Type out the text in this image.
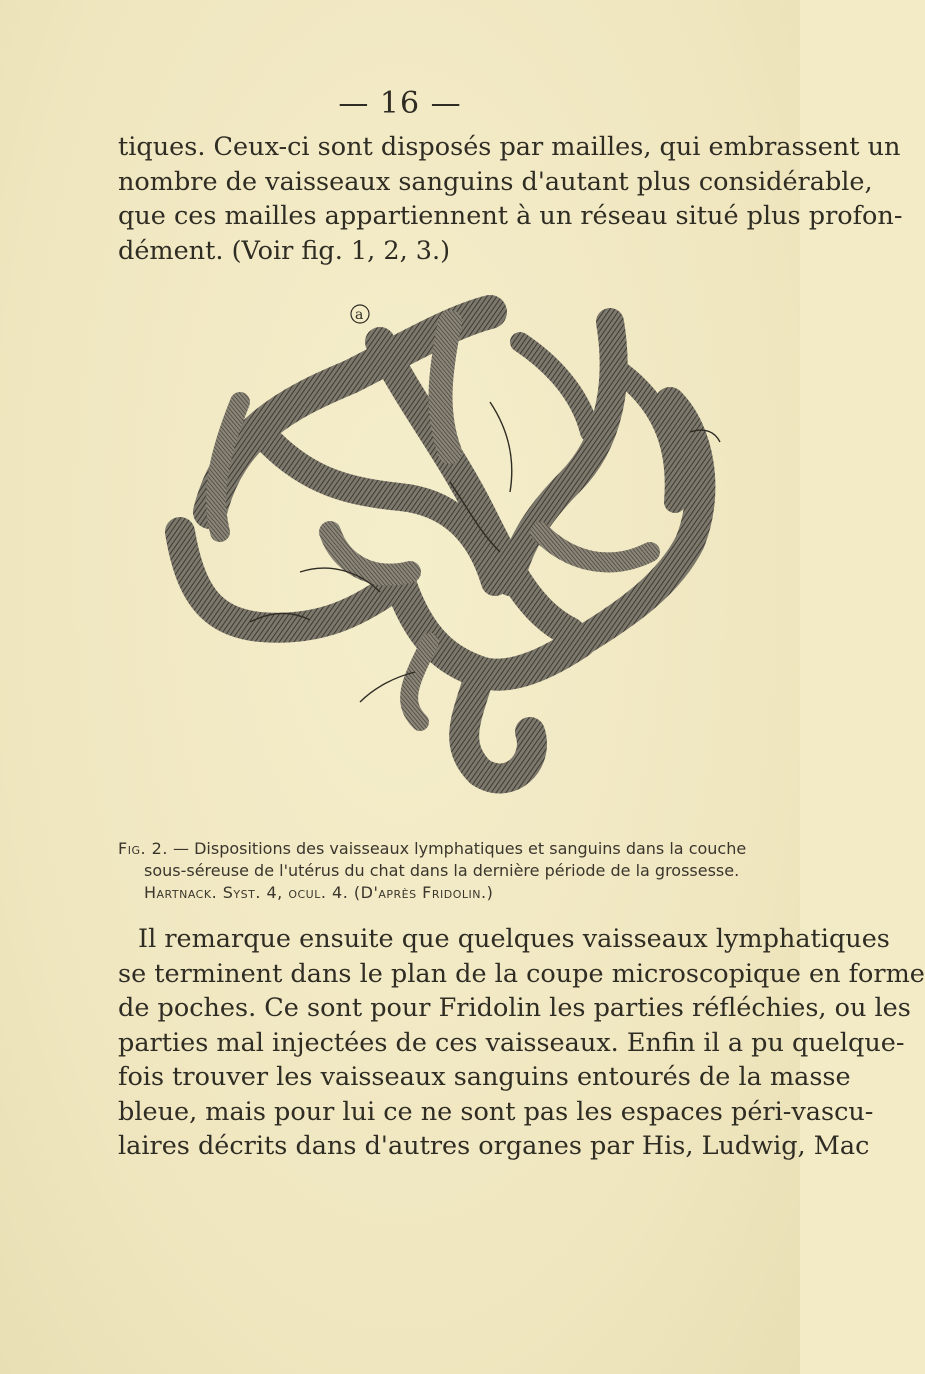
— 16 —

tiques. Ceux-ci sont disposés par mailles, qui embrassent un
nombre de vaisseaux sanguins d'autant plus considérable,
que ces mailles appartiennent à un réseau situé plus profon-
dément. (Voir fig. 1, 2, 3.)

a
Fig. 2. — Dispositions des vaisseaux lymphatiques et sanguins dans la couche
sous-séreuse de l'utérus du chat dans la dernière période de la grossesse.
Hartnack. Syst. 4, ocul. 4. (D'après Fridolin.)

Il remarque ensuite que quelques vaisseaux lymphatiques
se terminent dans le plan de la coupe microscopique en forme
de poches. Ce sont pour Fridolin les parties réfléchies, ou les
parties mal injectées de ces vaisseaux. Enfin il a pu quelque-
fois trouver les vaisseaux sanguins entourés de la masse
bleue, mais pour lui ce ne sont pas les espaces péri-vascu-
laires décrits dans d'autres organes par His, Ludwig, Mac
